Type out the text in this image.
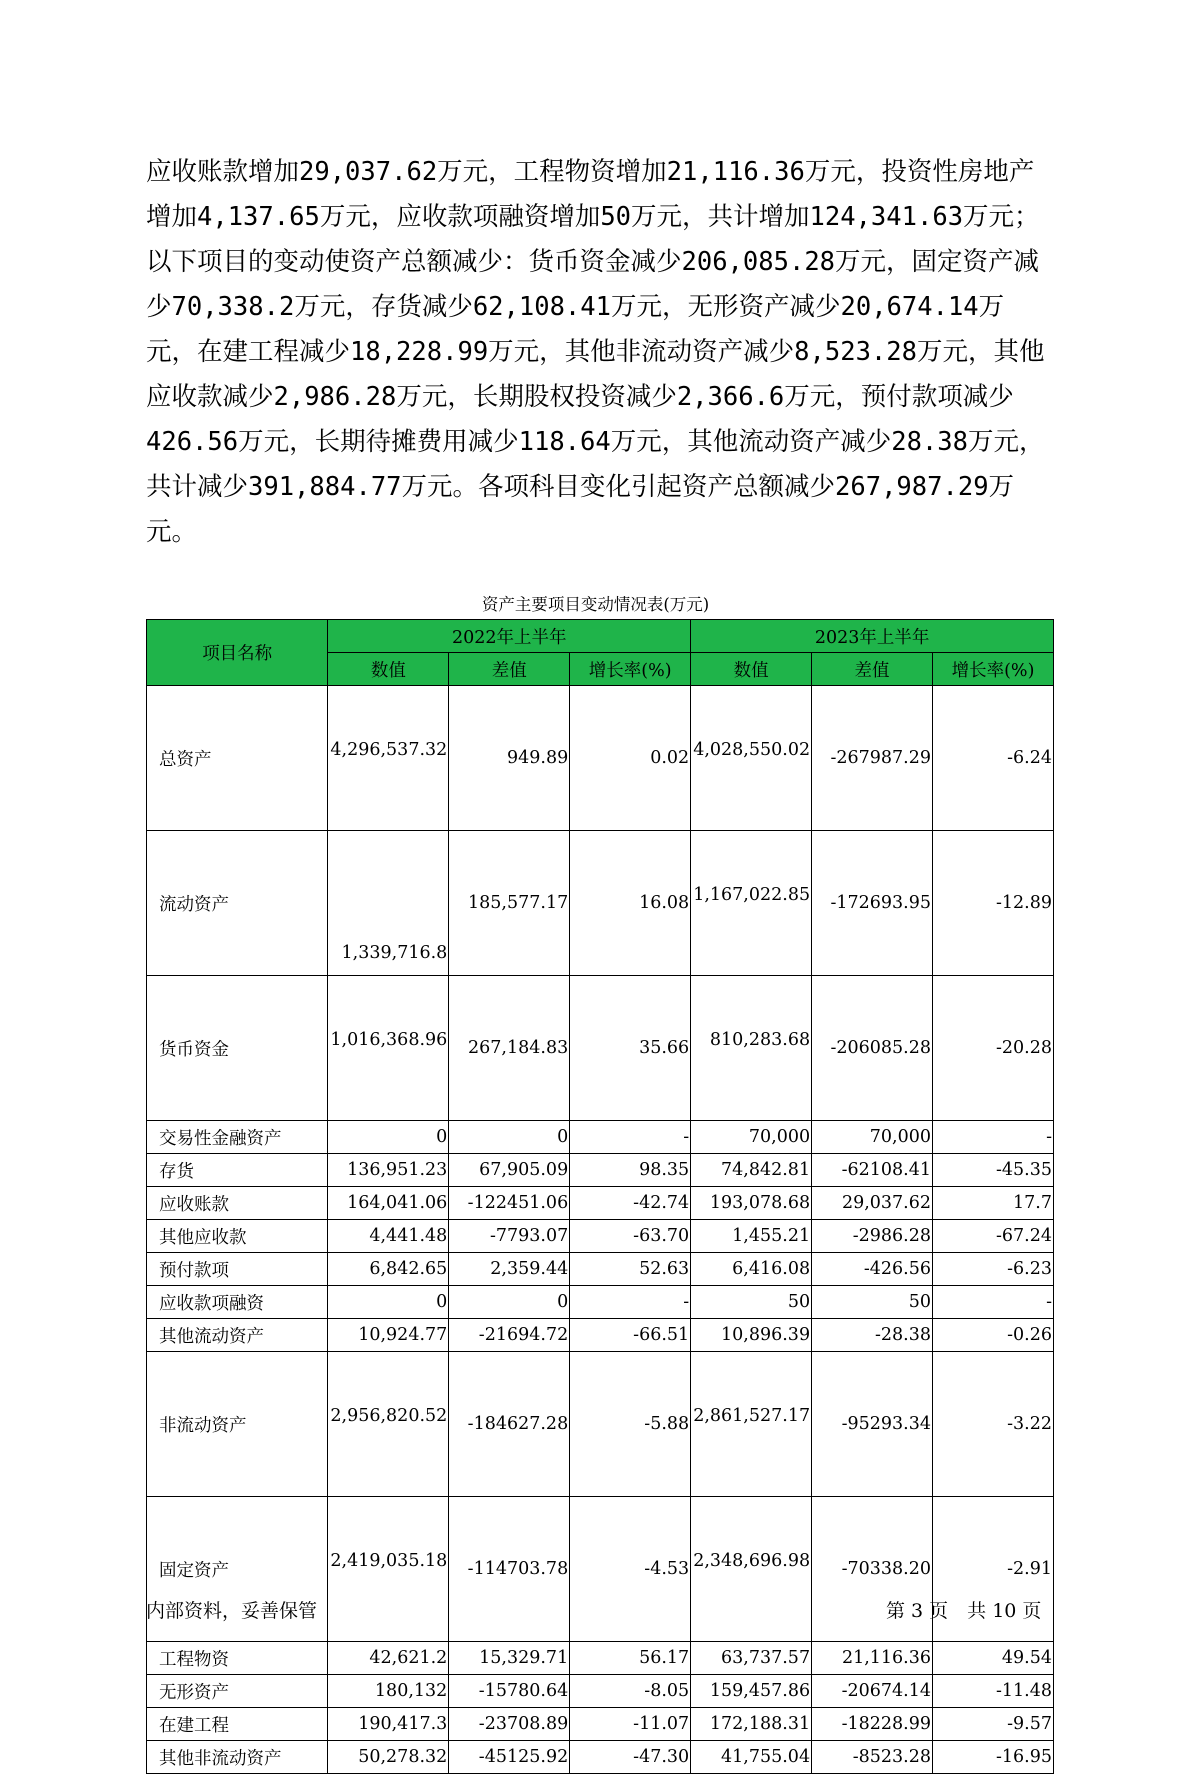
应收账款增加29,037.62万元，工程物资增加21,116.36万元，投资性房地产增加4,137.65万元，应收款项融资增加50万元，共计增加124,341.63万元；以下项目的变动使资产总额减少：货币资金减少206,085.28万元，固定资产减少70,338.2万元，存货减少62,108.41万元，无形资产减少20,674.14万元，在建工程减少18,228.99万元，其他非流动资产减少8,523.28万元，其他应收款减少2,986.28万元，长期股权投资减少2,366.6万元，预付款项减少426.56万元，长期待摊费用减少118.64万元，其他流动资产减少28.38万元，共计减少391,884.77万元。各项科目变化引起资产总额减少267,987.29万元。

资产主要项目变动情况表(万元)
项目名称	2022年上半年			2023年上半年		
	数值	差值	增长率(%)	数值	差值	增长率(%)
总资产	4,296,537.32	949.89	0.02	4,028,550.02	-267987.29	-6.24
流动资产	1,339,716.8	185,577.17	16.08	1,167,022.85	-172693.95	-12.89
货币资金	1,016,368.96	267,184.83	35.66	810,283.68	-206085.28	-20.28
交易性金融资产	0	0	-	70,000	70,000	-
存货	136,951.23	67,905.09	98.35	74,842.81	-62108.41	-45.35
应收账款	164,041.06	-122451.06	-42.74	193,078.68	29,037.62	17.7
其他应收款	4,441.48	-7793.07	-63.70	1,455.21	-2986.28	-67.24
预付款项	6,842.65	2,359.44	52.63	6,416.08	-426.56	-6.23
应收款项融资	0	0	-	50	50	-
其他流动资产	10,924.77	-21694.72	-66.51	10,896.39	-28.38	-0.26
非流动资产	2,956,820.52	-184627.28	-5.88	2,861,527.17	-95293.34	-3.22
固定资产	2,419,035.18	-114703.78	-4.53	2,348,696.98	-70338.20	-2.91
工程物资	42,621.2	15,329.71	56.17	63,737.57	21,116.36	49.54
无形资产	180,132	-15780.64	-8.05	159,457.86	-20674.14	-11.48
在建工程	190,417.3	-23708.89	-11.07	172,188.31	-18228.99	-9.57
其他非流动资产	50,278.32	-45125.92	-47.30	41,755.04	-8523.28	-16.95
内部资料，妥善保管	第 3 页　共 10 页
